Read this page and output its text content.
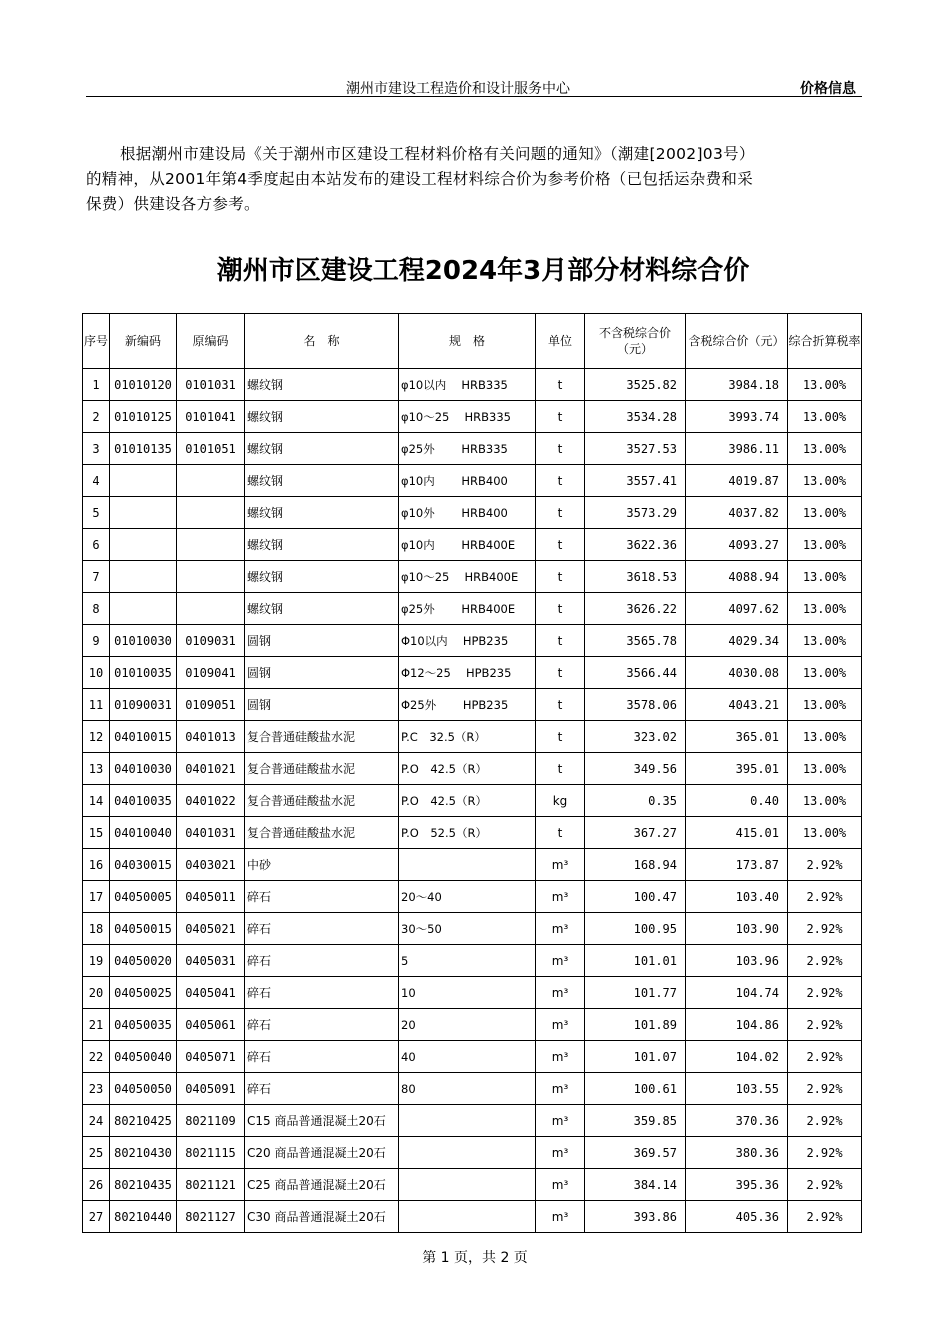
潮州市建设工程造价和设计服务中心	价格信息
根据潮州市建设局《关于潮州市区建设工程材料价格有关问题的通知》（潮建[2002]03号）
的精神，从2001年第4季度起由本站发布的建设工程材料综合价为参考价格（已包括运杂费和采
保费）供建设各方参考。
潮州市区建设工程2024年3月部分材料综合价
序号	新编码	原编码	名　称	规　格	单位	不含税综合价（元）	含税综合价（元）	综合折算税率
1	01010120	0101031	螺纹钢	φ10以内　 HRB335	t	3525.82	3984.18	13.00%
2	01010125	0101041	螺纹钢	φ10～25　 HRB335	t	3534.28	3993.74	13.00%
3	01010135	0101051	螺纹钢	φ25外　　 HRB335	t	3527.53	3986.11	13.00%
4			螺纹钢	φ10内　　 HRB400	t	3557.41	4019.87	13.00%
5			螺纹钢	φ10外　　 HRB400	t	3573.29	4037.82	13.00%
6			螺纹钢	φ10内　　 HRB400E	t	3622.36	4093.27	13.00%
7			螺纹钢	φ10～25　 HRB400E	t	3618.53	4088.94	13.00%
8			螺纹钢	φ25外　　 HRB400E	t	3626.22	4097.62	13.00%
9	01010030	0109031	圆钢	Φ10以内　 HPB235	t	3565.78	4029.34	13.00%
10	01010035	0109041	圆钢	Φ12～25　 HPB235	t	3566.44	4030.08	13.00%
11	01090031	0109051	圆钢	Φ25外　　 HPB235	t	3578.06	4043.21	13.00%
12	04010015	0401013	复合普通硅酸盐水泥	P.C　32.5（R）	t	323.02	365.01	13.00%
13	04010030	0401021	复合普通硅酸盐水泥	P.O　42.5（R）	t	349.56	395.01	13.00%
14	04010035	0401022	复合普通硅酸盐水泥	P.O　42.5（R）	kg	0.35	0.40	13.00%
15	04010040	0401031	复合普通硅酸盐水泥	P.O　52.5（R）	t	367.27	415.01	13.00%
16	04030015	0403021	中砂		m³	168.94	173.87	2.92%
17	04050005	0405011	碎石	20～40	m³	100.47	103.40	2.92%
18	04050015	0405021	碎石	30～50	m³	100.95	103.90	2.92%
19	04050020	0405031	碎石	5	m³	101.01	103.96	2.92%
20	04050025	0405041	碎石	10	m³	101.77	104.74	2.92%
21	04050035	0405061	碎石	20	m³	101.89	104.86	2.92%
22	04050040	0405071	碎石	40	m³	101.07	104.02	2.92%
23	04050050	0405091	碎石	80	m³	100.61	103.55	2.92%
24	80210425	8021109	C15 商品普通混凝土20石		m³	359.85	370.36	2.92%
25	80210430	8021115	C20 商品普通混凝土20石		m³	369.57	380.36	2.92%
26	80210435	8021121	C25 商品普通混凝土20石		m³	384.14	395.36	2.92%
27	80210440	8021127	C30 商品普通混凝土20石		m³	393.86	405.36	2.92%
第 1 页，共 2 页
